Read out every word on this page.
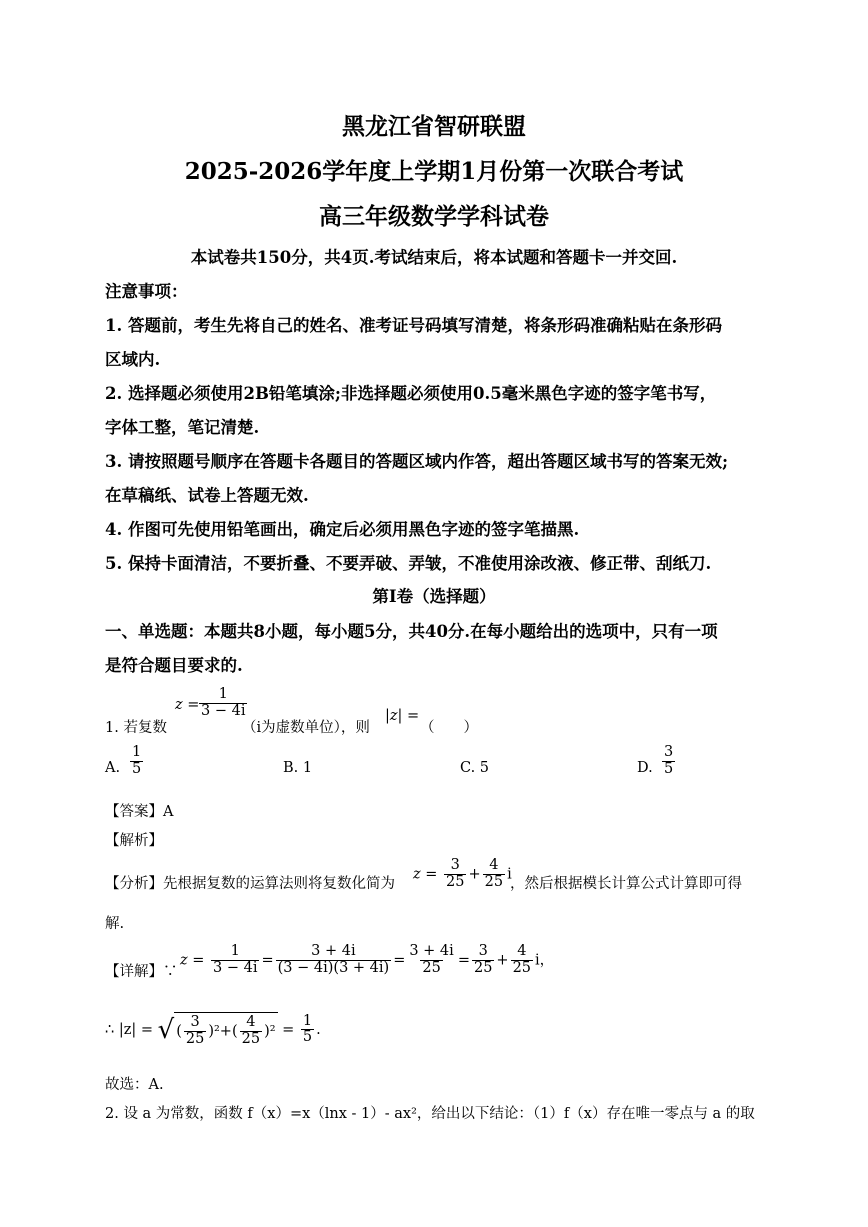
黑龙江省智研联盟
2025-2026学年度上学期1月份第一次联合考试
高三年级数学学科试卷
本试卷共150分，共4页.考试结束后，将本试题和答题卡一并交回.
注意事项：
1. 答题前，考生先将自己的姓名、准考证号码填写清楚，将条形码准确粘贴在条形码
区域内.
2. 选择题必须使用2B铅笔填涂;非选择题必须使用0.5毫米黑色字迹的签字笔书写，
字体工整，笔记清楚.
3. 请按照题号顺序在答题卡各题目的答题区域内作答，超出答题区域书写的答案无效;
在草稿纸、试卷上答题无效.
4. 作图可先使用铅笔画出，确定后必须用黑色字迹的签字笔描黑.
5. 保持卡面清洁，不要折叠、不要弄破、弄皱，不准使用涂改液、修正带、刮纸刀.
第I卷（选择题）
一、单选题：本题共8小题，每小题5分，共40分.在每小题给出的选项中，只有一项
是符合题目要求的.
1. 若复数
$z = \frac{1}{3 - 4i}$
（i为虚数单位），则
|z| =
（　　）
A. $\frac{1}{5}$	B. 1	C. 5	D. $\frac{3}{5}$
【答案】A
【解析】
【分析】先根据复数的运算法则将复数化简为
$z = \frac{3}{25} + \frac{4}{25}$ i
，然后根据模长计算公式计算即可得
解.
【详解】∵
$z = \frac{1}{3 - 4i} = \frac{3 + 4i}{(3 - 4i)(3 + 4i)} = \frac{3 + 4i}{25} = \frac{3}{25} + \frac{4}{25}$ i，
∴ |z| = √ ( $\frac{3}{25} )^2+( \frac{4}{25} )^2 = \frac{1}{5}$ .
故选：A.
2. 设 a 为常数，函数 f（x）=x（lnx - 1）- ax²，给出以下结论：（1）f（x）存在唯一零点与 a 的取
